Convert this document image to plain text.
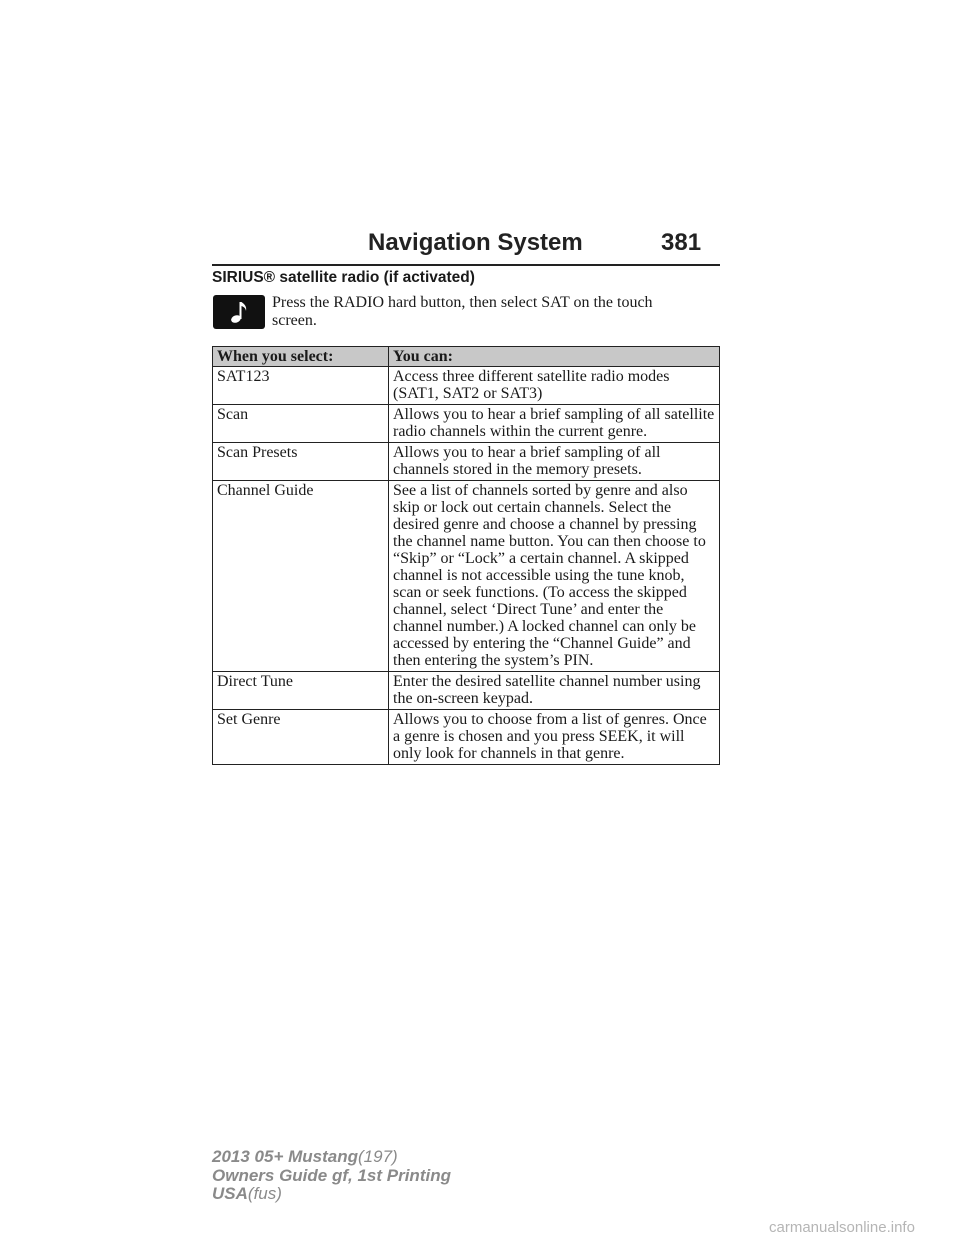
Navigation System	381
SIRIUS® satellite radio (if activated)
Press the RADIO hard button, then select SAT on the touch
screen.
When you select:	You can:
SAT123	Access three different satellite radio modes (SAT1, SAT2 or SAT3)
Scan	Allows you to hear a brief sampling of all satellite radio channels within the current genre.
Scan Presets	Allows you to hear a brief sampling of all channels stored in the memory presets.
Channel Guide	See a list of channels sorted by genre and also skip or lock out certain channels. Select the desired genre and choose a channel by pressing the channel name button. You can then choose to “Skip” or “Lock” a certain channel. A skipped channel is not accessible using the tune knob, scan or seek functions. (To access the skipped channel, select ‘Direct Tune’ and enter the channel number.) A locked channel can only be accessed by entering the “Channel Guide” and then entering the system’s PIN.
Direct Tune	Enter the desired satellite channel number using the on-screen keypad.
Set Genre	Allows you to choose from a list of genres. Once a genre is chosen and you press SEEK, it will only look for channels in that genre.
2013 05+ Mustang(197)
Owners Guide gf, 1st Printing
USA(fus)
carmanualsonline.info
